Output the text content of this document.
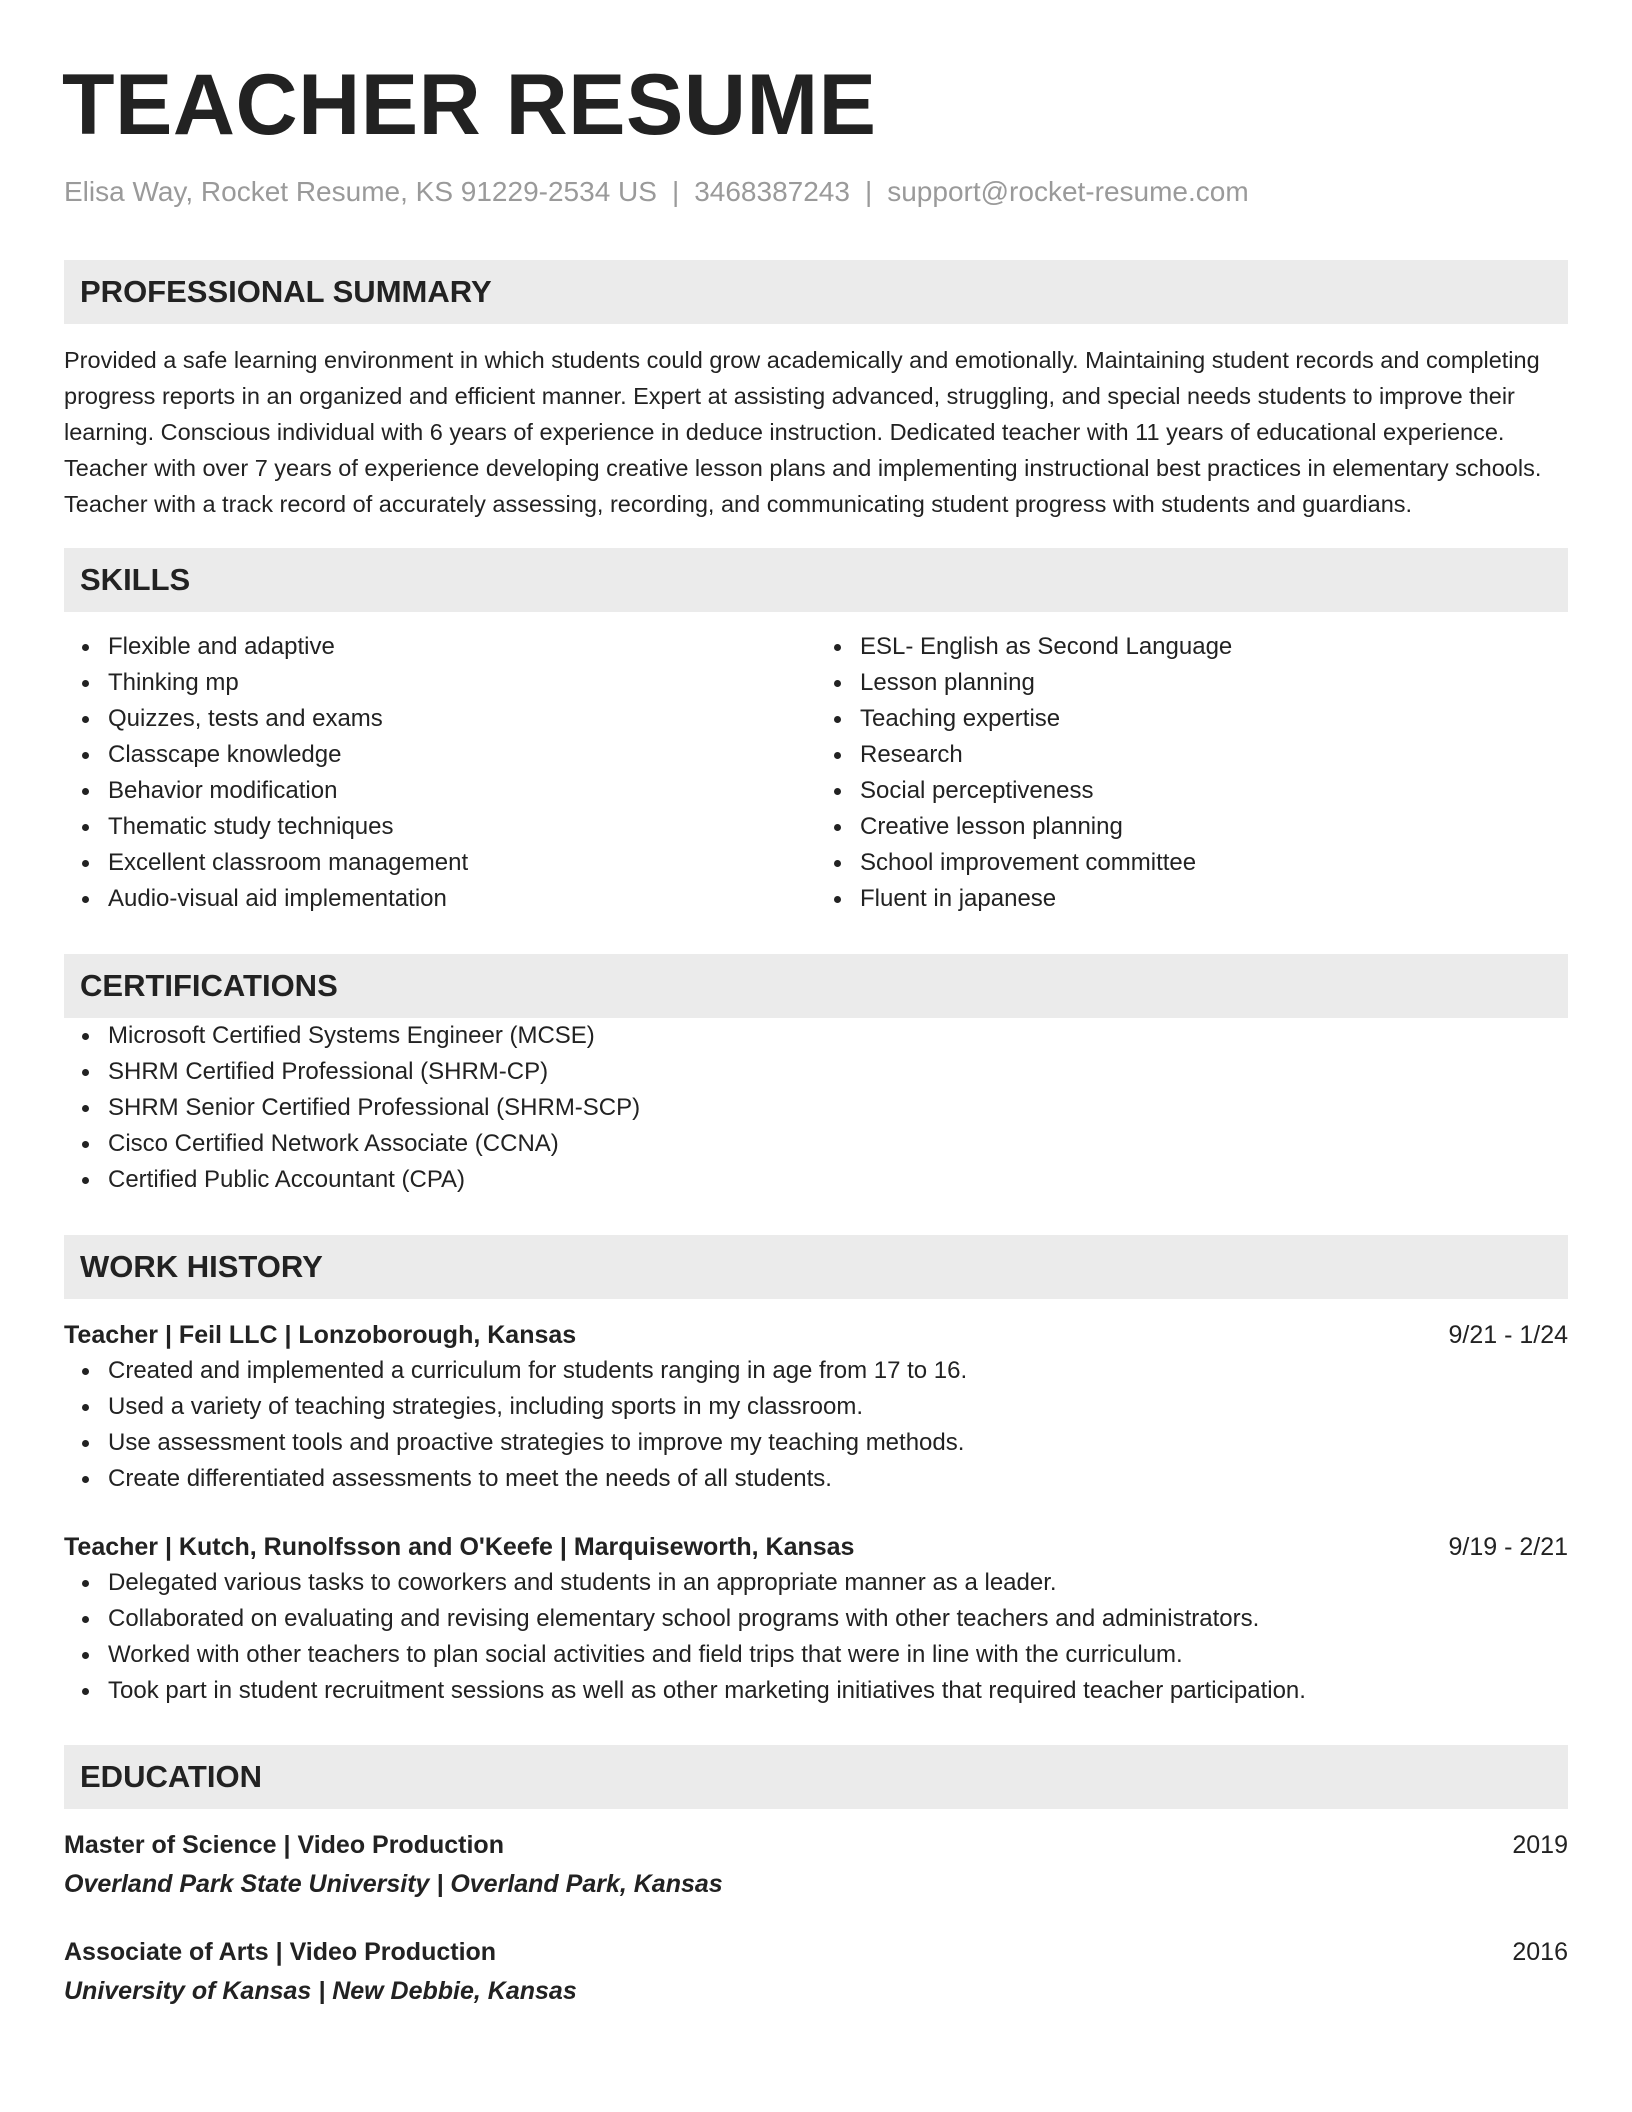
TEACHER RESUME
Elisa Way, Rocket Resume, KS 91229-2534 US | 3468387243 | support@rocket-resume.com
PROFESSIONAL SUMMARY

Provided a safe learning environment in which students could grow academically and emotionally. Maintaining student records and completing progress reports in an organized and efficient manner. Expert at assisting advanced, struggling, and special needs students to improve their learning. Conscious individual with 6 years of experience in deduce instruction. Dedicated teacher with 11 years of educational experience. Teacher with over 7 years of experience developing creative lesson plans and implementing instructional best practices in elementary schools. Teacher with a track record of accurately assessing, recording, and communicating student progress with students and guardians.

SKILLS
Flexible and adaptive
Thinking mp
Quizzes, tests and exams
Classcape knowledge
Behavior modification
Thematic study techniques
Excellent classroom management
Audio-visual aid implementation
ESL- English as Second Language
Lesson planning
Teaching expertise
Research
Social perceptiveness
Creative lesson planning
School improvement committee
Fluent in japanese
CERTIFICATIONS
Microsoft Certified Systems Engineer (MCSE)
SHRM Certified Professional (SHRM-CP)
SHRM Senior Certified Professional (SHRM-SCP)
Cisco Certified Network Associate (CCNA)
Certified Public Accountant (CPA)
WORK HISTORY
Teacher | Feil LLC | Lonzoborough, Kansas	9/21 - 1/24
Created and implemented a curriculum for students ranging in age from 17 to 16.
Used a variety of teaching strategies, including sports in my classroom.
Use assessment tools and proactive strategies to improve my teaching methods.
Create differentiated assessments to meet the needs of all students.
Teacher | Kutch, Runolfsson and O'Keefe | Marquiseworth, Kansas	9/19 - 2/21
Delegated various tasks to coworkers and students in an appropriate manner as a leader.
Collaborated on evaluating and revising elementary school programs with other teachers and administrators.
Worked with other teachers to plan social activities and field trips that were in line with the curriculum.
Took part in student recruitment sessions as well as other marketing initiatives that required teacher participation.
EDUCATION
Master of Science | Video Production	2019
Overland Park State University | Overland Park, Kansas
Associate of Arts | Video Production	2016
University of Kansas | New Debbie, Kansas
